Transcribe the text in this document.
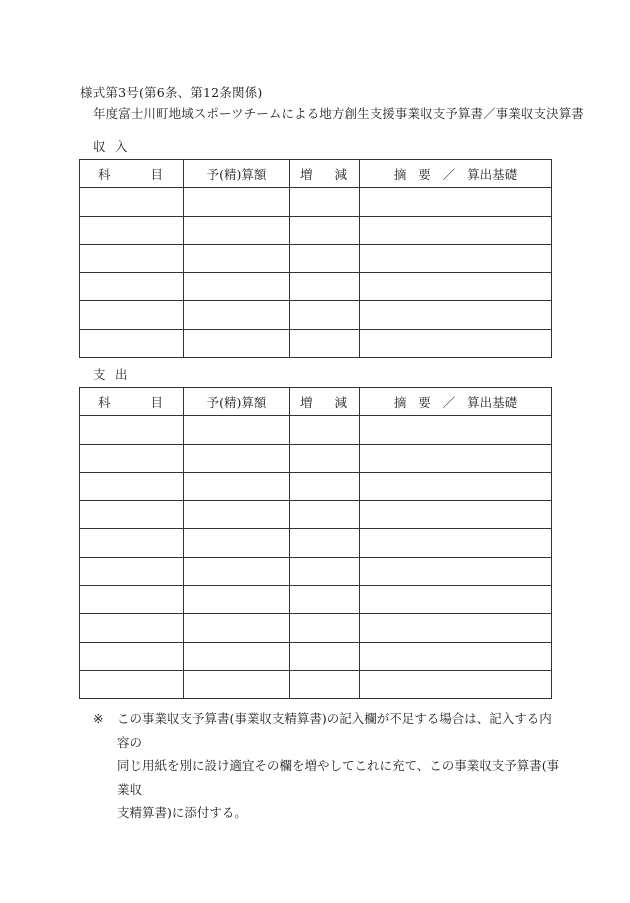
様式第3号(第6条、第12条関係)
年度富士川町地域スポーツチームによる地方創生支援事業収支予算書／事業収支決算書
収 入
科 目	予(精)算額	増 減	摘 要 ／ 算出基礎

支 出
科 目	予(精)算額	増 減	摘 要 ／ 算出基礎

※	この事業収支予算書(事業収支精算書)の記入欄が不足する場合は、記入する内容の
同じ用紙を別に設け適宜その欄を増やしてこれに充て、この事業収支予算書(事業収
支精算書)に添付する。
